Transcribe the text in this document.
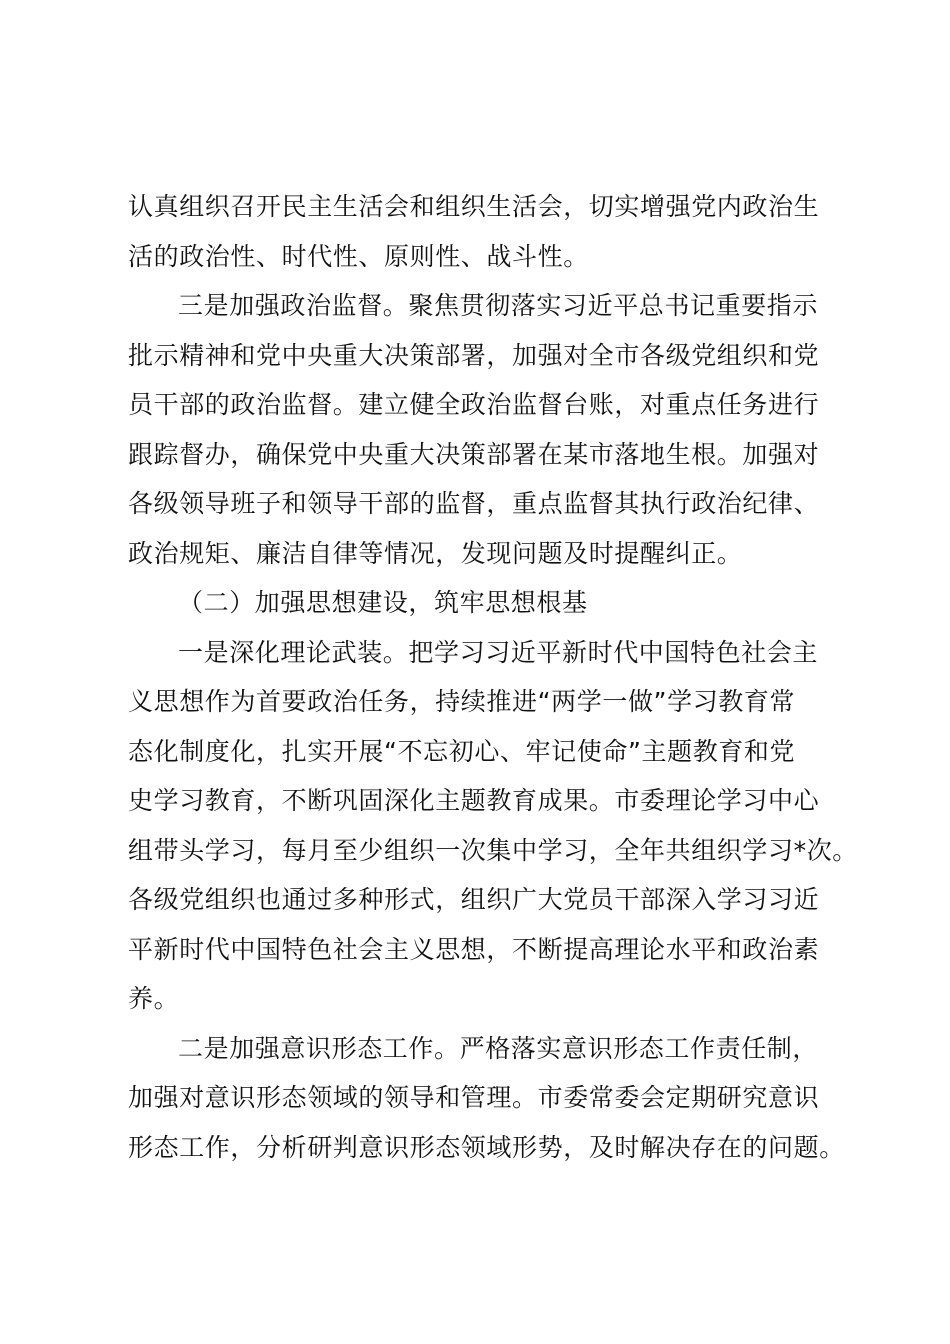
认真组织召开民主生活会和组织生活会，切实增强党内政治生
活的政治性、时代性、原则性、战斗性。
三是加强政治监督。聚焦贯彻落实习近平总书记重要指示
批示精神和党中央重大决策部署，加强对全市各级党组织和党
员干部的政治监督。建立健全政治监督台账，对重点任务进行
跟踪督办，确保党中央重大决策部署在某市落地生根。加强对
各级领导班子和领导干部的监督，重点监督其执行政治纪律、
政治规矩、廉洁自律等情况，发现问题及时提醒纠正。
（二）加强思想建设，筑牢思想根基
一是深化理论武装。把学习习近平新时代中国特色社会主
义思想作为首要政治任务，持续推进“两学一做”学习教育常
态化制度化，扎实开展“不忘初心、牢记使命”主题教育和党
史学习教育，不断巩固深化主题教育成果。市委理论学习中心
组带头学习，每月至少组织一次集中学习，全年共组织学习*次。
各级党组织也通过多种形式，组织广大党员干部深入学习习近
平新时代中国特色社会主义思想，不断提高理论水平和政治素
养。
二是加强意识形态工作。严格落实意识形态工作责任制，
加强对意识形态领域的领导和管理。市委常委会定期研究意识
形态工作，分析研判意识形态领域形势，及时解决存在的问题。
